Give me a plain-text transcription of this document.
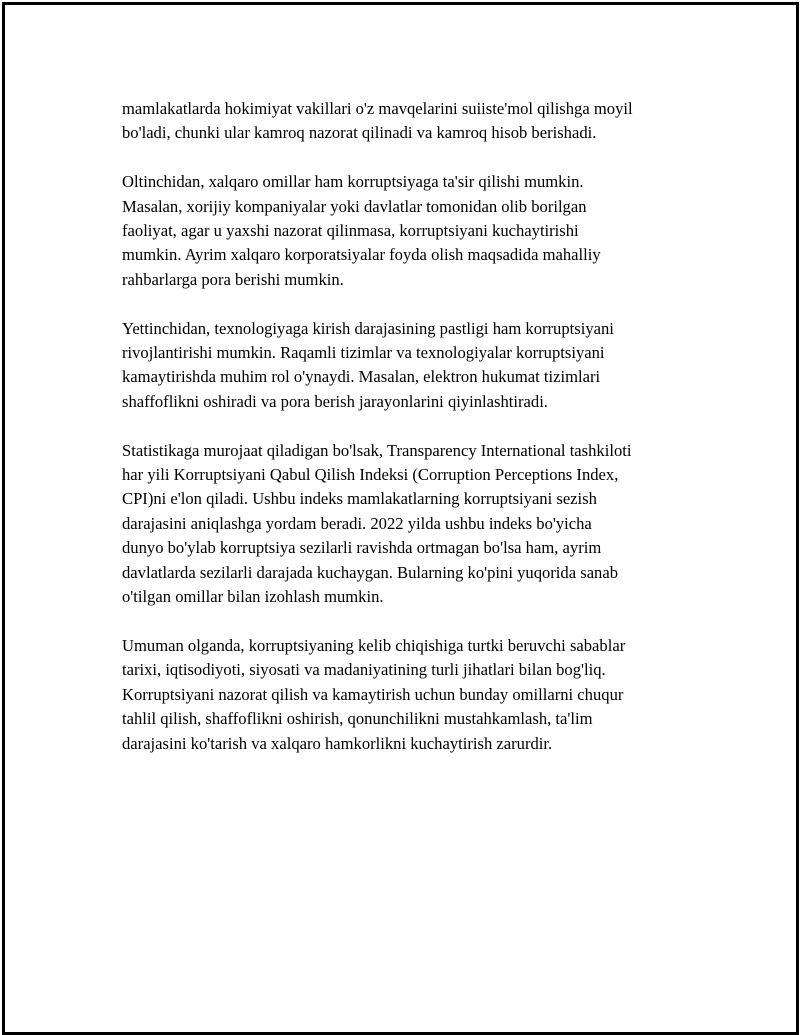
mamlakatlarda hokimiyat vakillari o'z mavqelarini suiiste'mol qilishga moyil
bo'ladi, chunki ular kamroq nazorat qilinadi va kamroq hisob berishadi.

Oltinchidan, xalqaro omillar ham korruptsiyaga ta'sir qilishi mumkin.
Masalan, xorijiy kompaniyalar yoki davlatlar tomonidan olib borilgan
faoliyat, agar u yaxshi nazorat qilinmasa, korruptsiyani kuchaytirishi
mumkin. Ayrim xalqaro korporatsiyalar foyda olish maqsadida mahalliy
rahbarlarga pora berishi mumkin.

Yettinchidan, texnologiyaga kirish darajasining pastligi ham korruptsiyani
rivojlantirishi mumkin. Raqamli tizimlar va texnologiyalar korruptsiyani
kamaytirishda muhim rol o'ynaydi. Masalan, elektron hukumat tizimlari
shaffoflikni oshiradi va pora berish jarayonlarini qiyinlashtiradi.

Statistikaga murojaat qiladigan bo'lsak, Transparency International tashkiloti
har yili Korruptsiyani Qabul Qilish Indeksi (Corruption Perceptions Index,
CPI)ni e'lon qiladi. Ushbu indeks mamlakatlarning korruptsiyani sezish
darajasini aniqlashga yordam beradi. 2022 yilda ushbu indeks bo'yicha
dunyo bo'ylab korruptsiya sezilarli ravishda ortmagan bo'lsa ham, ayrim
davlatlarda sezilarli darajada kuchaygan. Bularning ko'pini yuqorida sanab
o'tilgan omillar bilan izohlash mumkin.

Umuman olganda, korruptsiyaning kelib chiqishiga turtki beruvchi sabablar
tarixi, iqtisodiyoti, siyosati va madaniyatining turli jihatlari bilan bog'liq.
Korruptsiyani nazorat qilish va kamaytirish uchun bunday omillarni chuqur
tahlil qilish, shaffoflikni oshirish, qonunchilikni mustahkamlash, ta'lim
darajasini ko'tarish va xalqaro hamkorlikni kuchaytirish zarurdir.
